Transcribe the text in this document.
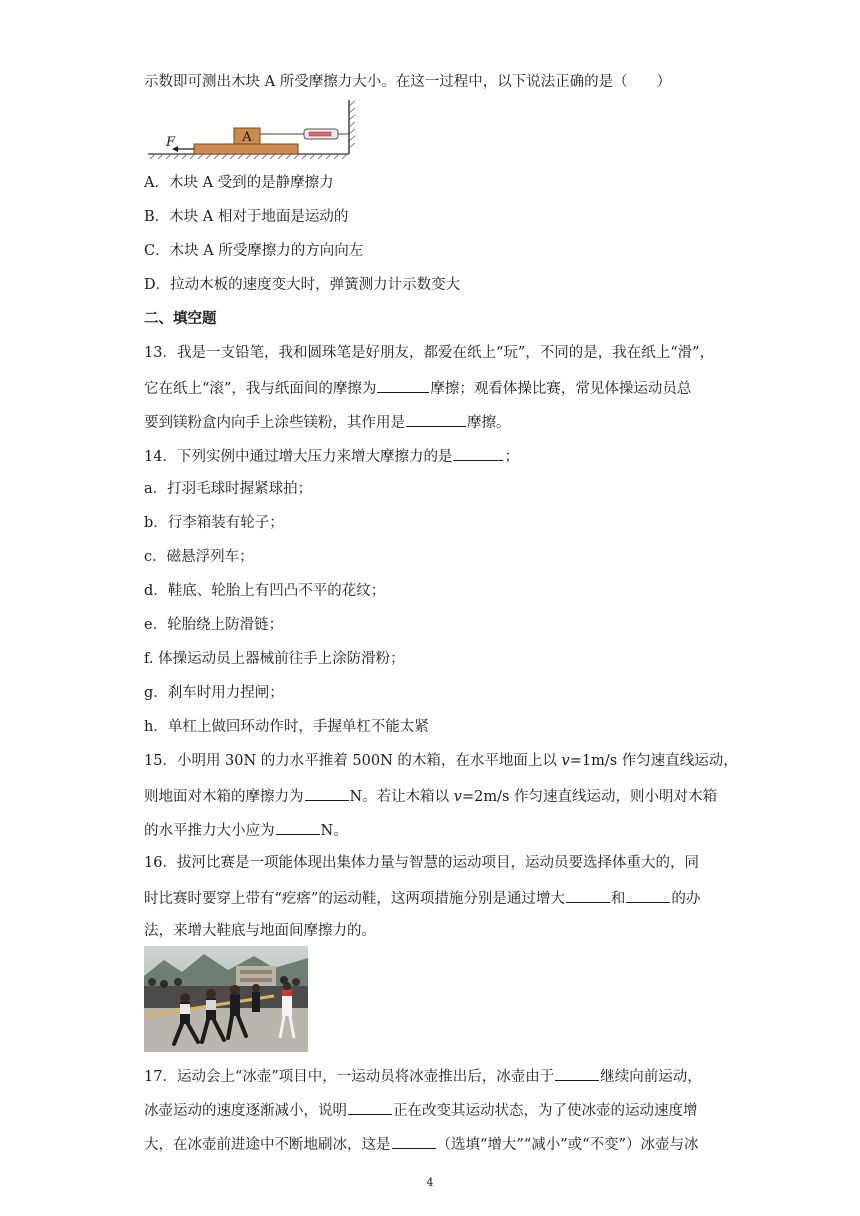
示数即可测出木块 A 所受摩擦力大小。在这一过程中，以下说法正确的是（　　）
A
F
A．木块 A 受到的是静摩擦力
B．木块 A 相对于地面是运动的
C．木块 A 所受摩擦力的方向向左
D．拉动木板的速度变大时，弹簧测力计示数变大
二、填空题
13．我是一支铅笔，我和圆珠笔是好朋友，都爱在纸上“玩”，不同的是，我在纸上“滑”，
它在纸上“滚”，我与纸面间的摩擦为	摩擦；观看体操比赛，常见体操运动员总
要到镁粉盒内向手上涂些镁粉，其作用是	摩擦。
14．下列实例中通过增大压力来增大摩擦力的是	；
a．打羽毛球时握紧球拍；
b．行李箱装有轮子；
c．磁悬浮列车；
d．鞋底、轮胎上有凹凸不平的花纹；
e．轮胎绕上防滑链；
f. 体操运动员上器械前往手上涂防滑粉；
g．刹车时用力捏闸；
h．单杠上做回环动作时，手握单杠不能太紧
15．小明用 30N 的力水平推着 500N 的木箱，在水平地面上以 v=1m/s 作匀速直线运动，
则地面对木箱的摩擦力为	N。若让木箱以 v=2m/s 作匀速直线运动，则小明对木箱
的水平推力大小应为	N。
16．拔河比赛是一项能体现出集体力量与智慧的运动项目，运动员要选择体重大的，同
时比赛时要穿上带有“疙瘩”的运动鞋，这两项措施分别是通过增大	和	的办
法，来增大鞋底与地面间摩擦力的。
17．运动会上“冰壶”项目中，一运动员将冰壶推出后，冰壶由于	继续向前运动，
冰壶运动的速度逐渐减小，说明	正在改变其运动状态，为了使冰壶的运动速度增
大，在冰壶前进途中不断地刷冰，这是	（选填“增大”“减小”或“不变”）冰壶与冰
4
